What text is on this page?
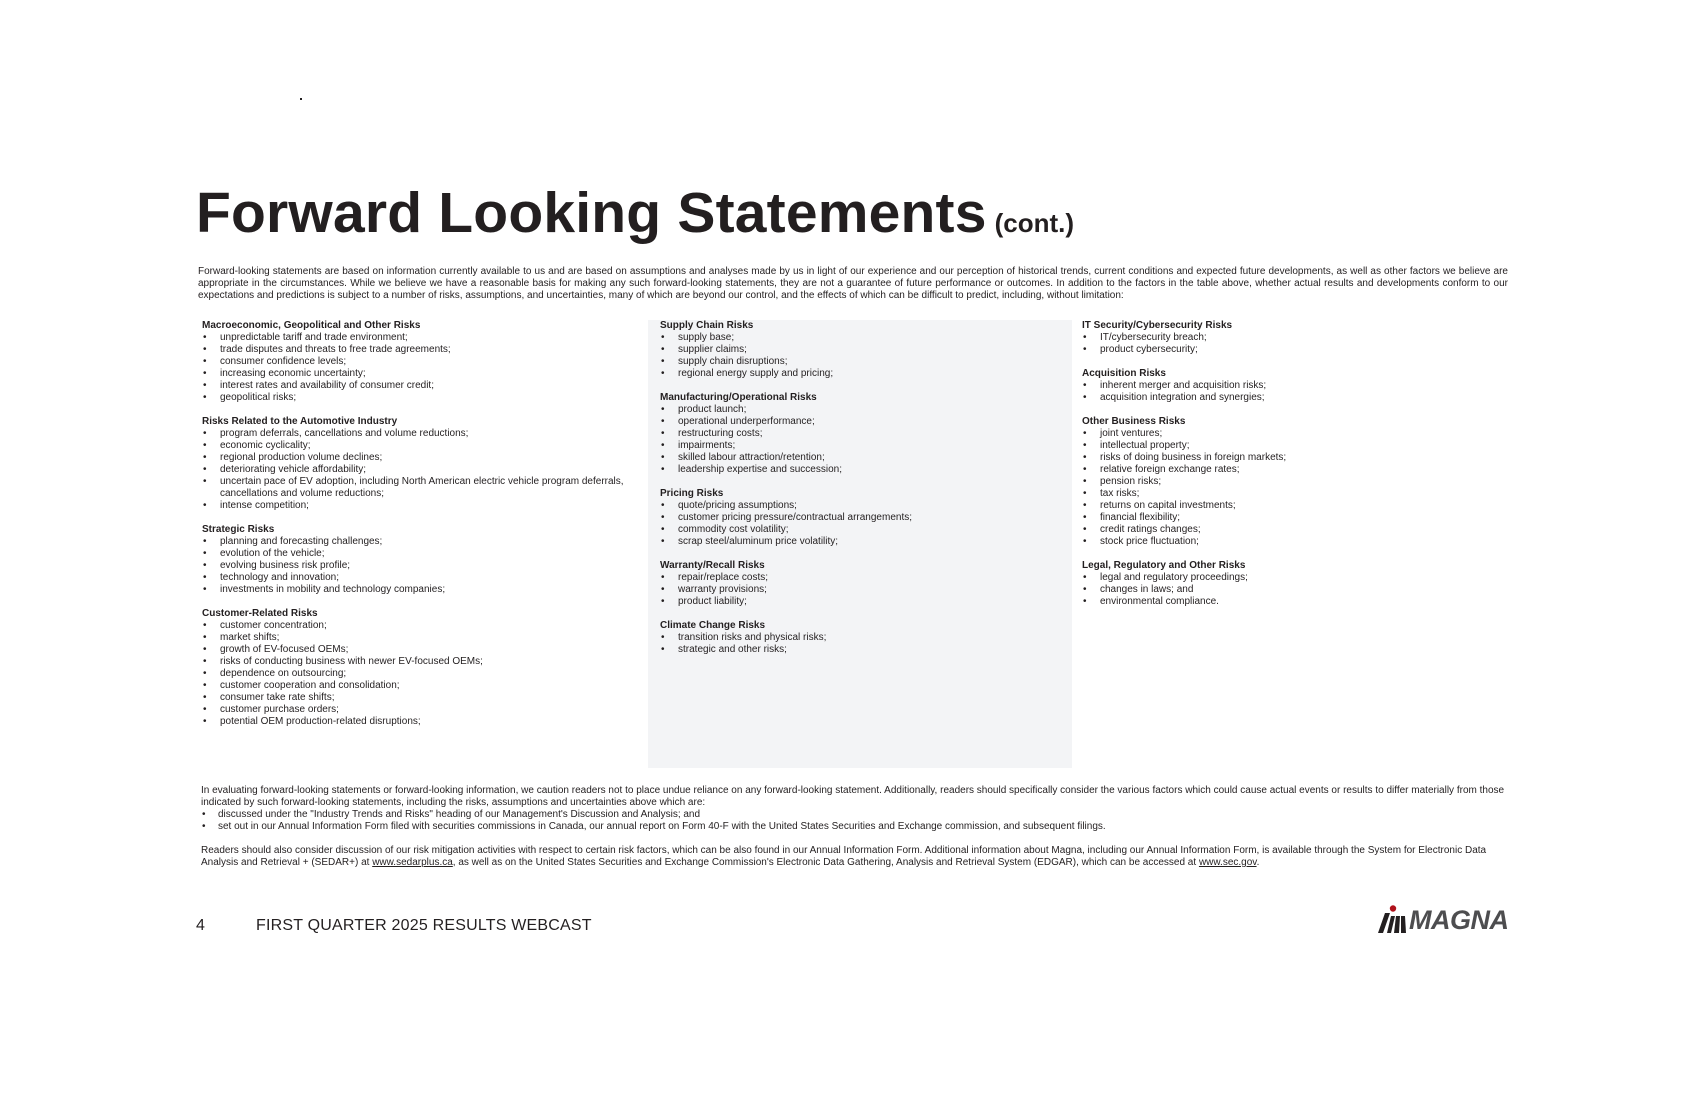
Forward Looking Statements (cont.)
Forward-looking statements are based on information currently available to us and are based on assumptions and analyses made by us in light of our experience and our perception of historical trends, current conditions and expected future developments, as well as other factors we believe are appropriate in the circumstances. While we believe we have a reasonable basis for making any such forward-looking statements, they are not a guarantee of future performance or outcomes. In addition to the factors in the table above, whether actual results and developments conform to our expectations and predictions is subject to a number of risks, assumptions, and uncertainties, many of which are beyond our control, and the effects of which can be difficult to predict, including, without limitation:
Macroeconomic, Geopolitical and Other Risks
• unpredictable tariff and trade environment;
• trade disputes and threats to free trade agreements;
• consumer confidence levels;
• increasing economic uncertainty;
• interest rates and availability of consumer credit;
• geopolitical risks;
Risks Related to the Automotive Industry
• program deferrals, cancellations and volume reductions;
• economic cyclicality;
• regional production volume declines;
• deteriorating vehicle affordability;
• uncertain pace of EV adoption, including North American electric vehicle program deferrals, cancellations and volume reductions;
• intense competition;
Strategic Risks
• planning and forecasting challenges;
• evolution of the vehicle;
• evolving business risk profile;
• technology and innovation;
• investments in mobility and technology companies;
Customer-Related Risks
• customer concentration;
• market shifts;
• growth of EV-focused OEMs;
• risks of conducting business with newer EV-focused OEMs;
• dependence on outsourcing;
• customer cooperation and consolidation;
• consumer take rate shifts;
• customer purchase orders;
• potential OEM production-related disruptions;
Supply Chain Risks
• supply base;
• supplier claims;
• supply chain disruptions;
• regional energy supply and pricing;
Manufacturing/Operational Risks
• product launch;
• operational underperformance;
• restructuring costs;
• impairments;
• skilled labour attraction/retention;
• leadership expertise and succession;
Pricing Risks
• quote/pricing assumptions;
• customer pricing pressure/contractual arrangements;
• commodity cost volatility;
• scrap steel/aluminum price volatility;
Warranty/Recall Risks
• repair/replace costs;
• warranty provisions;
• product liability;
Climate Change Risks
• transition risks and physical risks;
• strategic and other risks;
IT Security/Cybersecurity Risks
• IT/cybersecurity breach;
• product cybersecurity;
Acquisition Risks
• inherent merger and acquisition risks;
• acquisition integration and synergies;
Other Business Risks
• joint ventures;
• intellectual property;
• risks of doing business in foreign markets;
• relative foreign exchange rates;
• pension risks;
• tax risks;
• returns on capital investments;
• financial flexibility;
• credit ratings changes;
• stock price fluctuation;
Legal, Regulatory and Other Risks
• legal and regulatory proceedings;
• changes in laws; and
• environmental compliance.

In evaluating forward-looking statements or forward-looking information, we caution readers not to place undue reliance on any forward-looking statement. Additionally, readers should specifically consider the various factors which could cause actual events or results to differ materially from those indicated by such forward-looking statements, including the risks, assumptions and uncertainties above which are:

• discussed under the "Industry Trends and Risks" heading of our Management's Discussion and Analysis; and
• set out in our Annual Information Form filed with securities commissions in Canada, our annual report on Form 40-F with the United States Securities and Exchange commission, and subsequent filings.

Readers should also consider discussion of our risk mitigation activities with respect to certain risk factors, which can be also found in our Annual Information Form. Additional information about Magna, including our Annual Information Form, is available through the System for Electronic Data Analysis and Retrieval + (SEDAR+) at www.sedarplus.ca, as well as on the United States Securities and Exchange Commission's Electronic Data Gathering, Analysis and Retrieval System (EDGAR), which can be accessed at www.sec.gov.

4	FIRST QUARTER 2025 RESULTS WEBCAST	MAGNA
